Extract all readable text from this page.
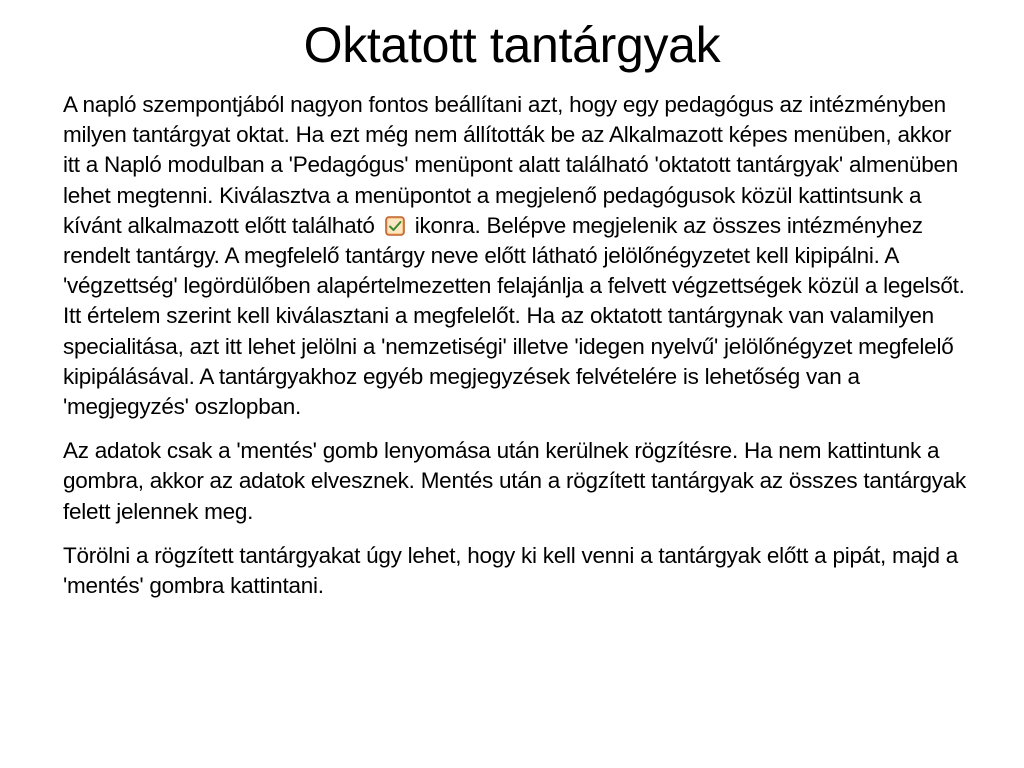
Oktatott tantárgyak

A napló szempontjából nagyon fontos beállítani azt, hogy egy pedagógus az intézményben milyen tantárgyat oktat. Ha ezt még nem állították be az Alkalmazott képes menüben, akkor itt a Napló modulban a 'Pedagógus' menüpont alatt található 'oktatott tantárgyak' almenüben lehet megtenni. Kiválasztva a menüpontot a megjelenő pedagógusok közül kattintsunk a kívánt alkalmazott előtt található
ikonra. Belépve megjelenik az összes intézményhez rendelt tantárgy. A megfelelő tantárgy neve előtt látható jelölőnégyzetet kell kipipálni. A 'végzettség' legördülőben alapértelmezetten felajánlja a felvett végzettségek közül a legelsőt. Itt értelem szerint kell kiválasztani a megfelelőt. Ha az oktatott tantárgynak van valamilyen specialitása, azt itt lehet jelölni a 'nemzetiségi' illetve 'idegen nyelvű' jelölőnégyzet megfelelő kipipálásával. A tantárgyakhoz egyéb megjegyzések felvételére is lehetőség van a 'megjegyzés' oszlopban.

Az adatok csak a 'mentés' gomb lenyomása után kerülnek rögzítésre. Ha nem kattintunk a gombra, akkor az adatok elvesznek. Mentés után a rögzített tantárgyak az összes tantárgyak felett jelennek meg.

Törölni a rögzített tantárgyakat úgy lehet, hogy ki kell venni a tantárgyak előtt a pipát, majd a 'mentés' gombra kattintani.
